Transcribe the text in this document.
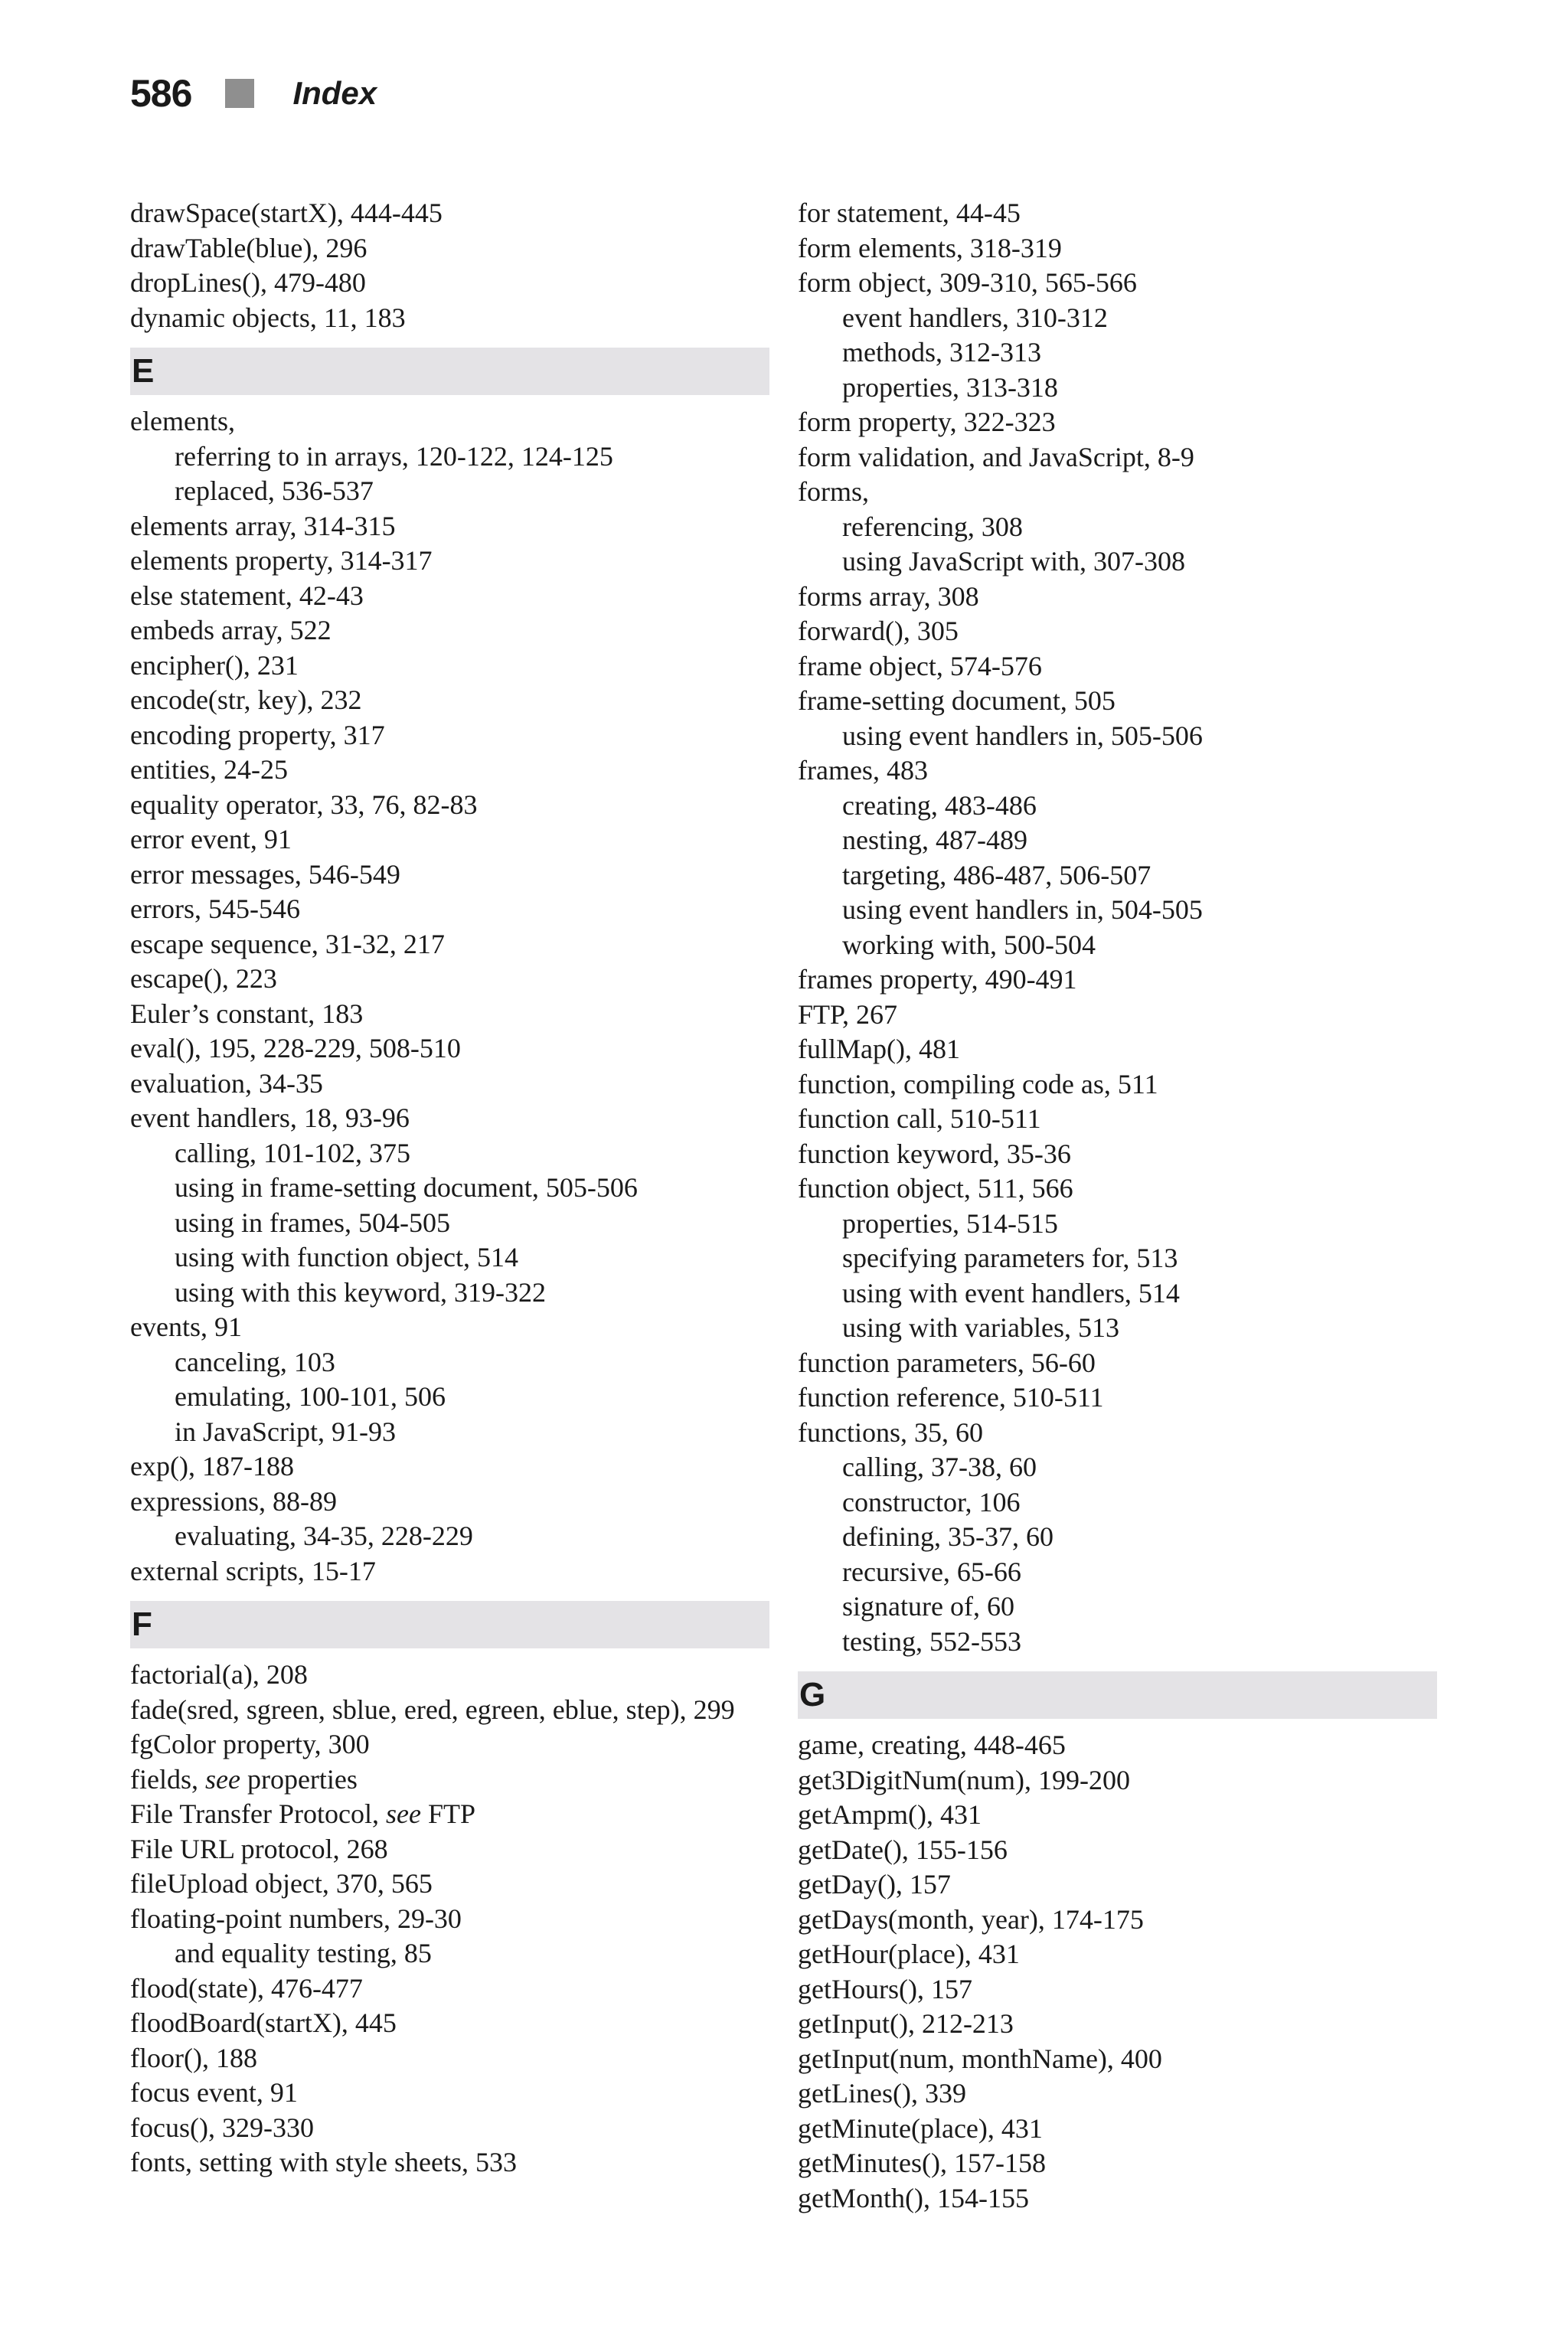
586	Index
drawSpace(startX), 444-445
drawTable(blue), 296
dropLines(), 479-480
dynamic objects, 11, 183
E
elements,
referring to in arrays, 120-122, 124-125
replaced, 536-537
elements array, 314-315
elements property, 314-317
else statement, 42-43
embeds array, 522
encipher(), 231
encode(str, key), 232
encoding property, 317
entities, 24-25
equality operator, 33, 76, 82-83
error event, 91
error messages, 546-549
errors, 545-546
escape sequence, 31-32, 217
escape(), 223
Euler’s constant, 183
eval(), 195, 228-229, 508-510
evaluation, 34-35
event handlers, 18, 93-96
calling, 101-102, 375
using in frame-setting document, 505-506
using in frames, 504-505
using with function object, 514
using with this keyword, 319-322
events, 91
canceling, 103
emulating, 100-101, 506
in JavaScript, 91-93
exp(), 187-188
expressions, 88-89
evaluating, 34-35, 228-229
external scripts, 15-17
F
factorial(a), 208
fade(sred, sgreen, sblue, ered, egreen, eblue, step), 299
fgColor property, 300
fields, see properties
File Transfer Protocol, see FTP
File URL protocol, 268
fileUpload object, 370, 565
floating-point numbers, 29-30
and equality testing, 85
flood(state), 476-477
floodBoard(startX), 445
floor(), 188
focus event, 91
focus(), 329-330
fonts, setting with style sheets, 533
for statement, 44-45
form elements, 318-319
form object, 309-310, 565-566
event handlers, 310-312
methods, 312-313
properties, 313-318
form property, 322-323
form validation, and JavaScript, 8-9
forms,
referencing, 308
using JavaScript with, 307-308
forms array, 308
forward(), 305
frame object, 574-576
frame-setting document, 505
using event handlers in, 505-506
frames, 483
creating, 483-486
nesting, 487-489
targeting, 486-487, 506-507
using event handlers in, 504-505
working with, 500-504
frames property, 490-491
FTP, 267
fullMap(), 481
function, compiling code as, 511
function call, 510-511
function keyword, 35-36
function object, 511, 566
properties, 514-515
specifying parameters for, 513
using with event handlers, 514
using with variables, 513
function parameters, 56-60
function reference, 510-511
functions, 35, 60
calling, 37-38, 60
constructor, 106
defining, 35-37, 60
recursive, 65-66
signature of, 60
testing, 552-553
G
game, creating, 448-465
get3DigitNum(num), 199-200
getAmpm(), 431
getDate(), 155-156
getDay(), 157
getDays(month, year), 174-175
getHour(place), 431
getHours(), 157
getInput(), 212-213
getInput(num, monthName), 400
getLines(), 339
getMinute(place), 431
getMinutes(), 157-158
getMonth(), 154-155
